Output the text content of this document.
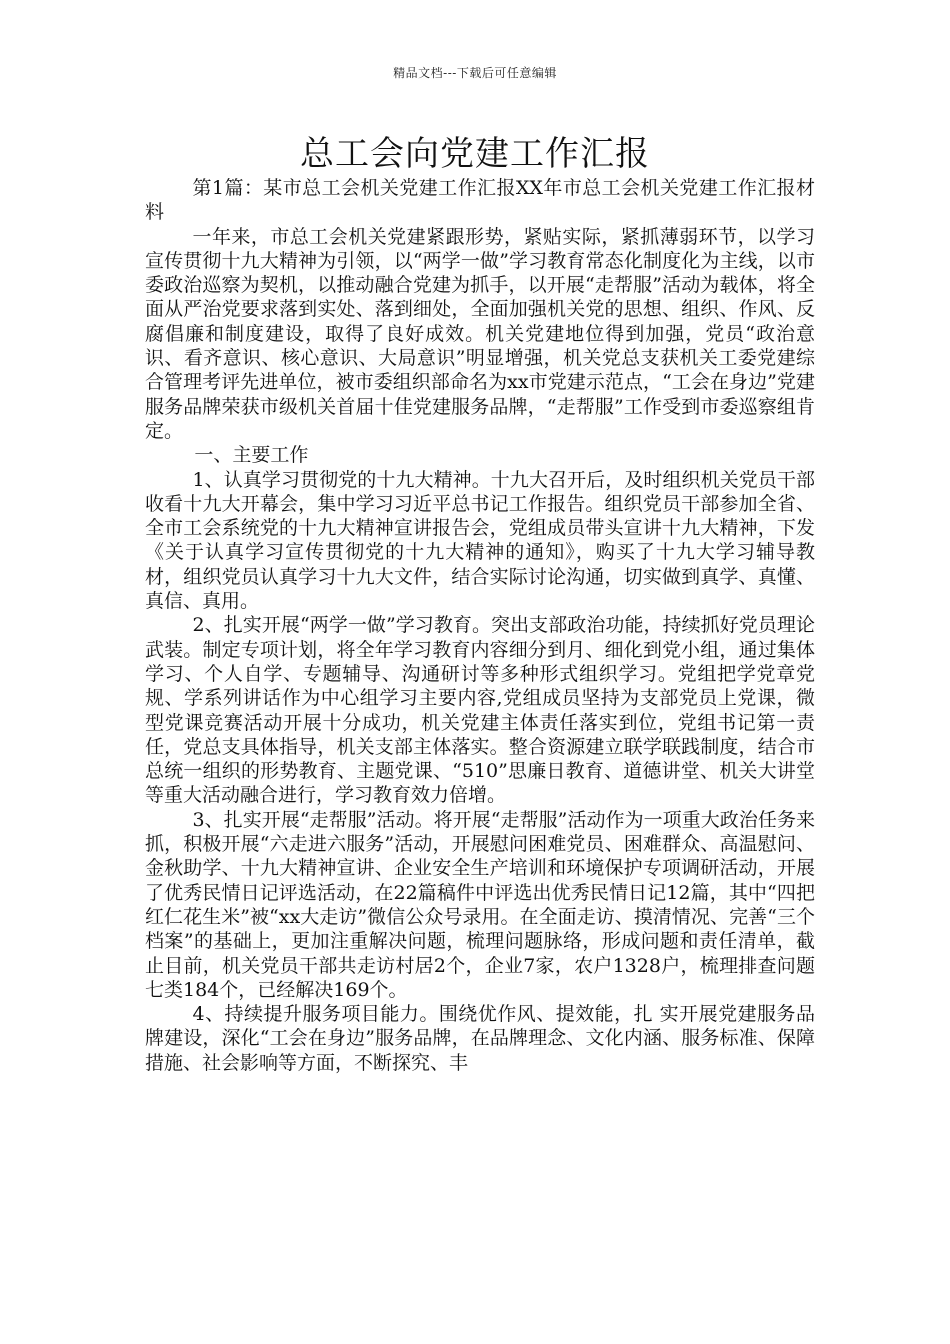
精品文档---下载后可任意编辑
总工会向党建工作汇报

第1篇：某市总工会机关党建工作汇报XX年市总工会机关党建工作汇报材料

一年来，市总工会机关党建紧跟形势，紧贴实际，紧抓薄弱环节，以学习宣传贯彻十九大精神为引领，以“两学一做”学习教育常态化制度化为主线，以市委政治巡察为契机，以推动融合党建为抓手，以开展“走帮服”活动为载体，将全面从严治党要求落到实处、落到细处，全面加强机关党的思想、组织、作风、反腐倡廉和制度建设，取得了良好成效。机关党建地位得到加强，党员“政治意识、看齐意识、核心意识、大局意识”明显增强，机关党总支获机关工委党建综合管理考评先进单位，被市委组织部命名为xx市党建示范点，“工会在身边”党建服务品牌荣获市级机关首届十佳党建服务品牌，“走帮服”工作受到市委巡察组肯定。

一、主要工作

1、认真学习贯彻党的十九大精神。十九大召开后，及时组织机关党员干部收看十九大开幕会，集中学习习近平总书记工作报告。组织党员干部参加全省、全市工会系统党的十九大精神宣讲报告会，党组成员带头宣讲十九大精神，下发《关于认真学习宣传贯彻党的十九大精神的通知》，购买了十九大学习辅导教材，组织党员认真学习十九大文件，结合实际讨论沟通，切实做到真学、真懂、真信、真用。

2、扎实开展“两学一做”学习教育。突出支部政治功能，持续抓好党员理论武装。制定专项计划，将全年学习教育内容细分到月、细化到党小组，通过集体学习、个人自学、专题辅导、沟通研讨等多种形式组织学习。党组把学党章党规、学系列讲话作为中心组学习主要内容,党组成员坚持为支部党员上党课，微型党课竞赛活动开展十分成功，机关党建主体责任落实到位，党组书记第一责任，党总支具体指导，机关支部主体落实。整合资源建立联学联践制度，结合市总统一组织的形势教育、主题党课、“510”思廉日教育、道德讲堂、机关大讲堂等重大活动融合进行，学习教育效力倍增。

3、扎实开展“走帮服”活动。将开展“走帮服”活动作为一项重大政治任务来抓，积极开展“六走进六服务”活动，开展慰问困难党员、困难群众、高温慰问、金秋助学、十九大精神宣讲、企业安全生产培训和环境保护专项调研活动，开展了优秀民情日记评选活动，在22篇稿件中评选出优秀民情日记12篇，其中“四把红仁花生米”被“xx大走访”微信公众号录用。在全面走访、摸清情况、完善“三个档案”的基础上，更加注重解决问题，梳理问题脉络，形成问题和责任清单，截止目前，机关党员干部共走访村居2个，企业7家，农户1328户，梳理排查问题七类184个，已经解决169个。

4、持续提升服务项目能力。围绕优作风、提效能，扎 实开展党建服务品牌建设，深化“工会在身边”服务品牌，在品牌理念、文化内涵、服务标准、保障措施、社会影响等方面，不断探究、丰
